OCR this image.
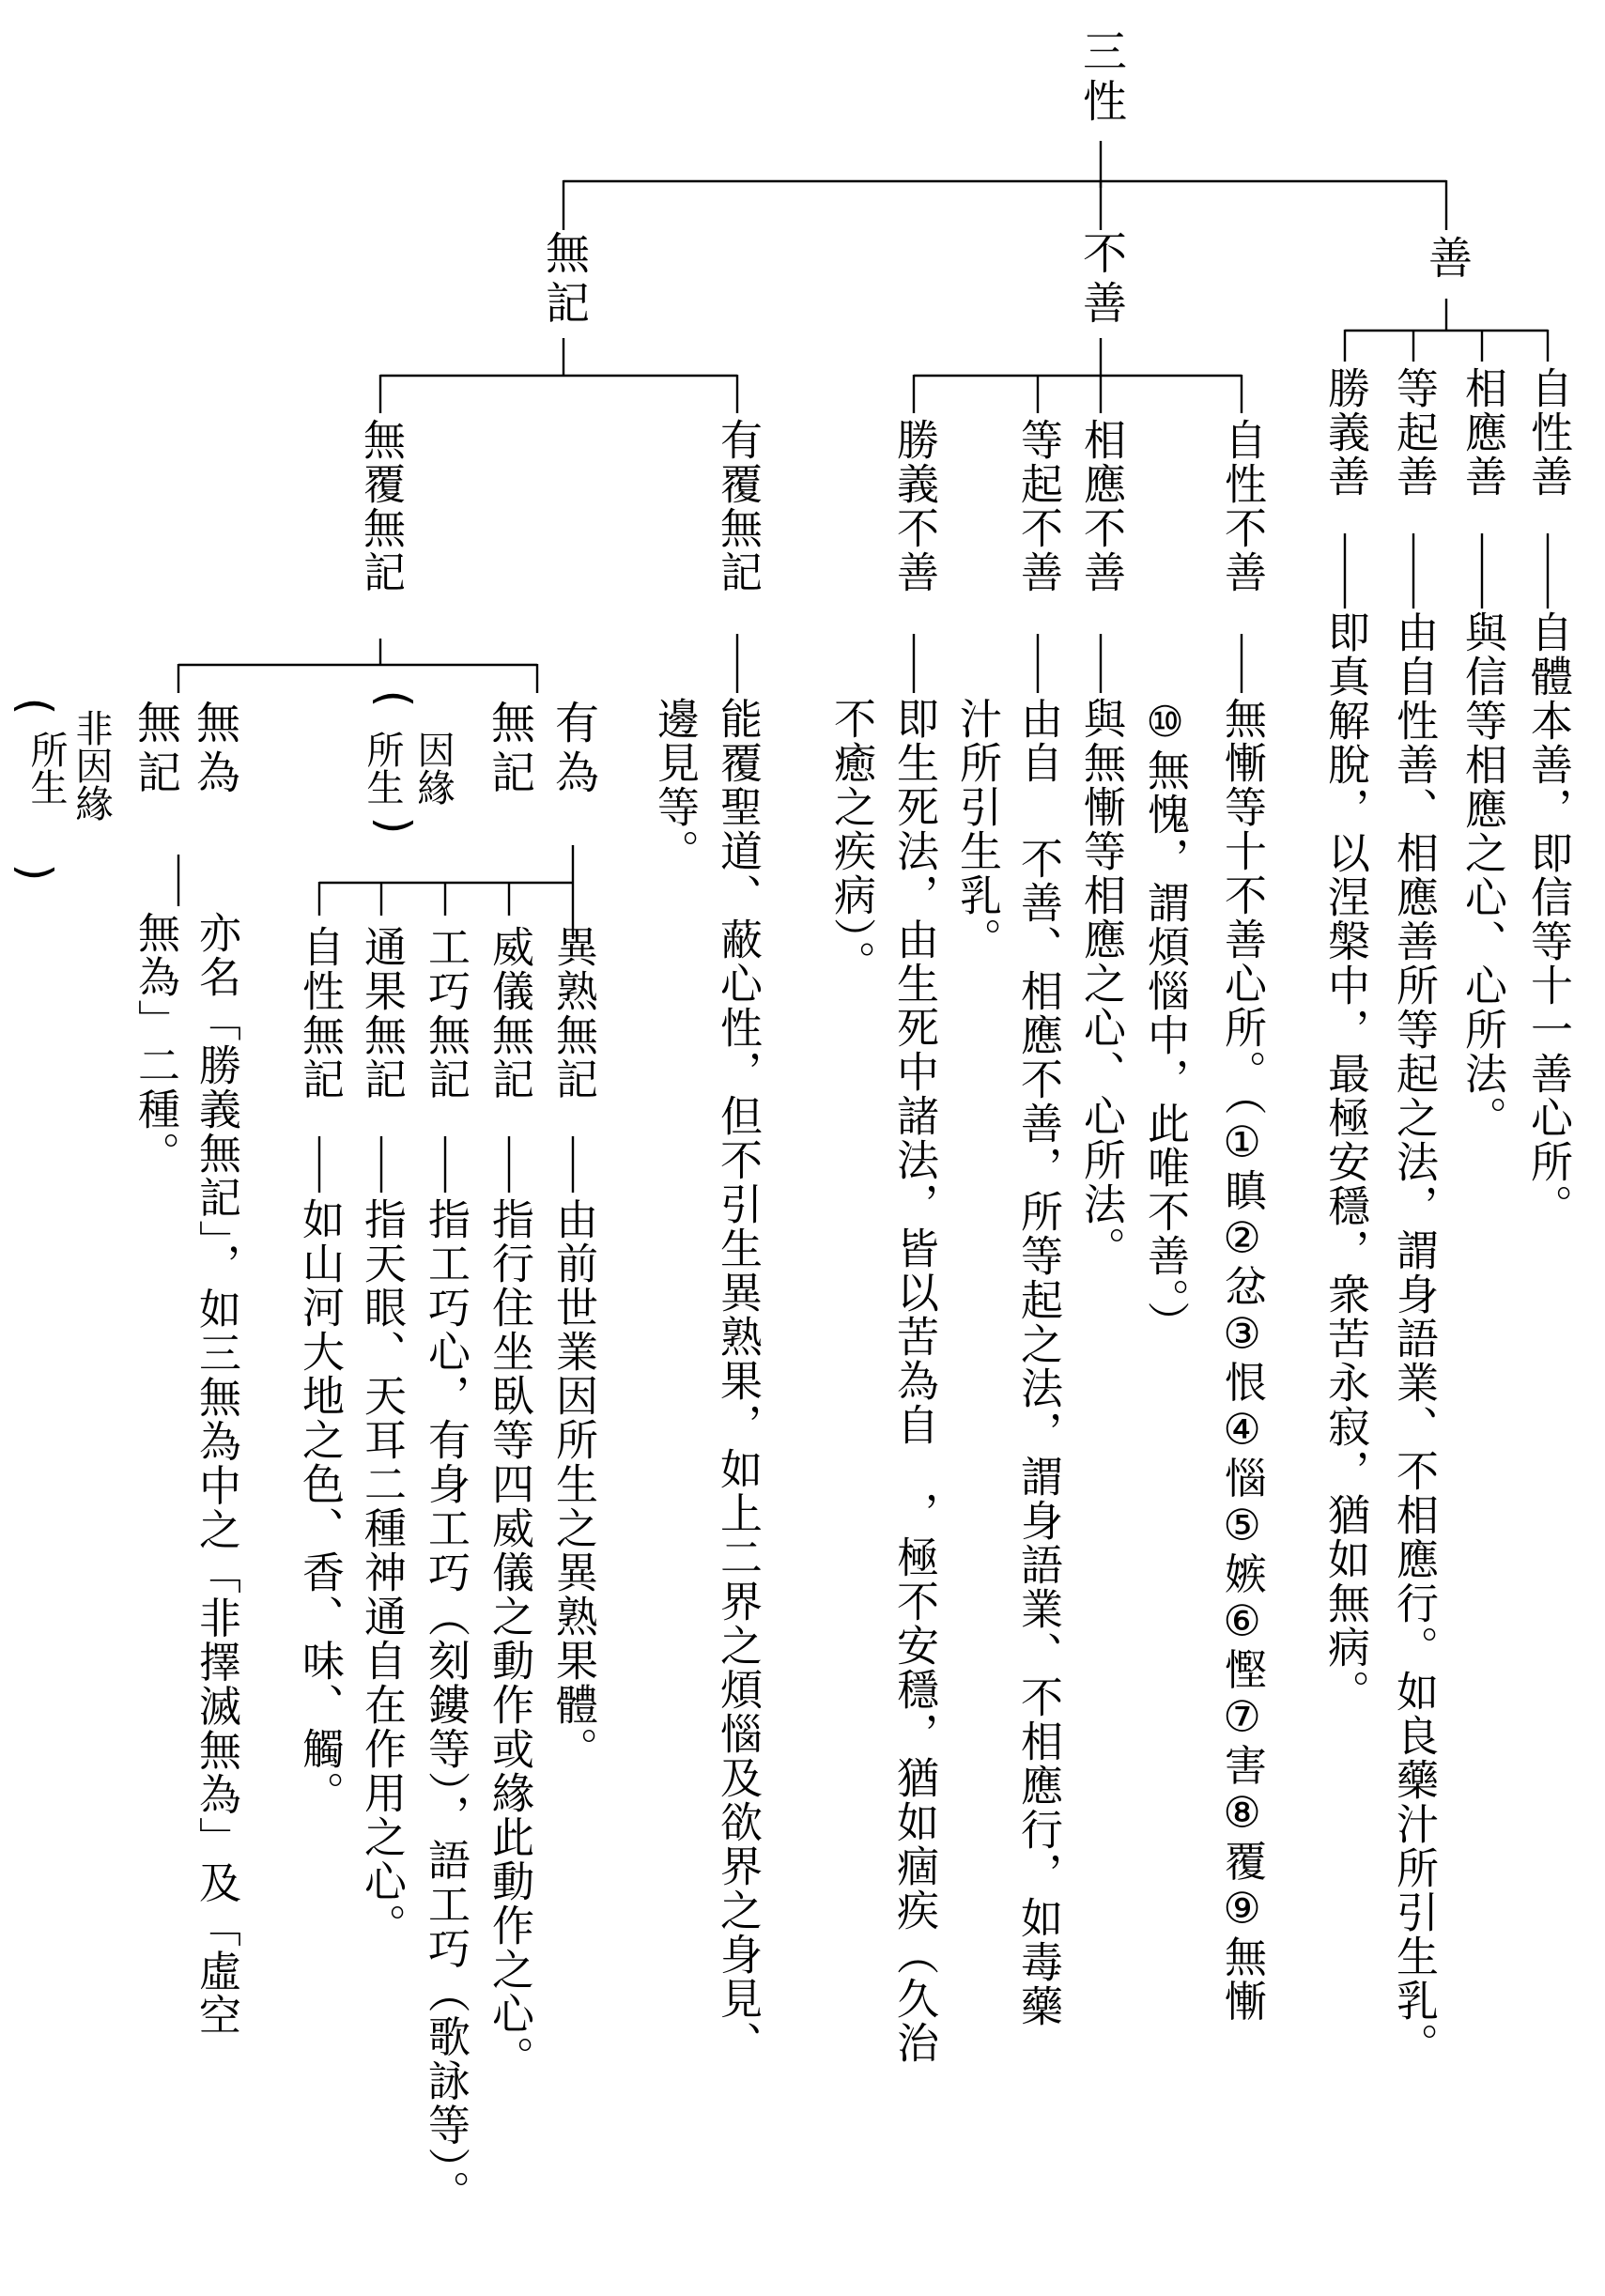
三性
善
不善
無記
自性善
自體本善，即信等十一善心所。
相應善
與信等相應之心、心所法。
等起善
由自性善、相應善所等起之法，謂身語業、不相應行。如良藥汁所引生乳。
勝義善
即真解脫，以涅槃中，最極安穩，衆苦永寂，猶如無病。
自性不善
無慚等十不善心所。（①瞋②忿③恨④惱⑤嫉⑥慳⑦害⑧覆⑨無慚
⑩無愧，謂煩惱中，此唯不善。）
相應不善
與無慚等相應之心、心所法。
等起不善
由自 不善、相應不善，所等起之法，謂身語業、不相應行，如毒藥
汁所引生乳。
勝義不善
即生死法，由生死中諸法，皆以苦為自　，極不安穩，猶如痼疾（久治
不癒之疾病）。
有覆無記
能覆聖道、蔽心性，但不引生異熟果，如上二界之煩惱及欲界之身見、
邊見等。
無覆無記
有為
無記
(
因緣
所生
)
異熟無記
由前世業因所生之異熟果體。
威儀無記
指行住坐臥等四威儀之動作或緣此動作之心。
工巧無記
指工巧心，有身工巧（刻鏤等），語工巧（歌詠等）。
通果無記
指天眼、天耳二種神通自在作用之心。
自性無記
如山河大地之色、香、味、觸。
無為
無記
(
非因緣
所生
)
亦名「勝義無記」，如三無為中之「非擇滅無為」及「虛空
無為」二種。
